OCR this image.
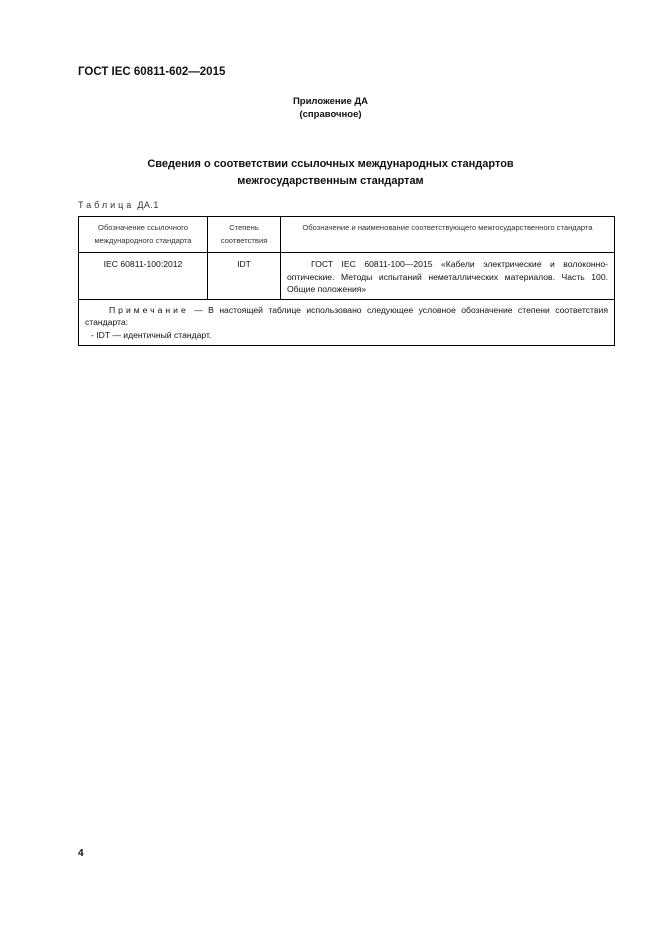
ГОСТ IEC 60811-602—2015
Приложение ДА
(справочное)
Сведения о соответствии ссылочных международных стандартов
межгосударственным стандартам
Таблица ДА.1
Обозначение ссылочного международного стандарта	Степень соответствия	Обозначение и наименование соответствующего межгосударственного стандарта
IEC 60811-100:2012	IDT	ГОСТ IEC 60811-100—2015 «Кабели электрические и волоконно-оптические. Методы испытаний неметаллических материалов. Часть 100. Общие положения»

Примечание — В настоящей таблице использовано следующее условное обозначение степени соответствия стандарта:
- IDT — идентичный стандарт.		
4
